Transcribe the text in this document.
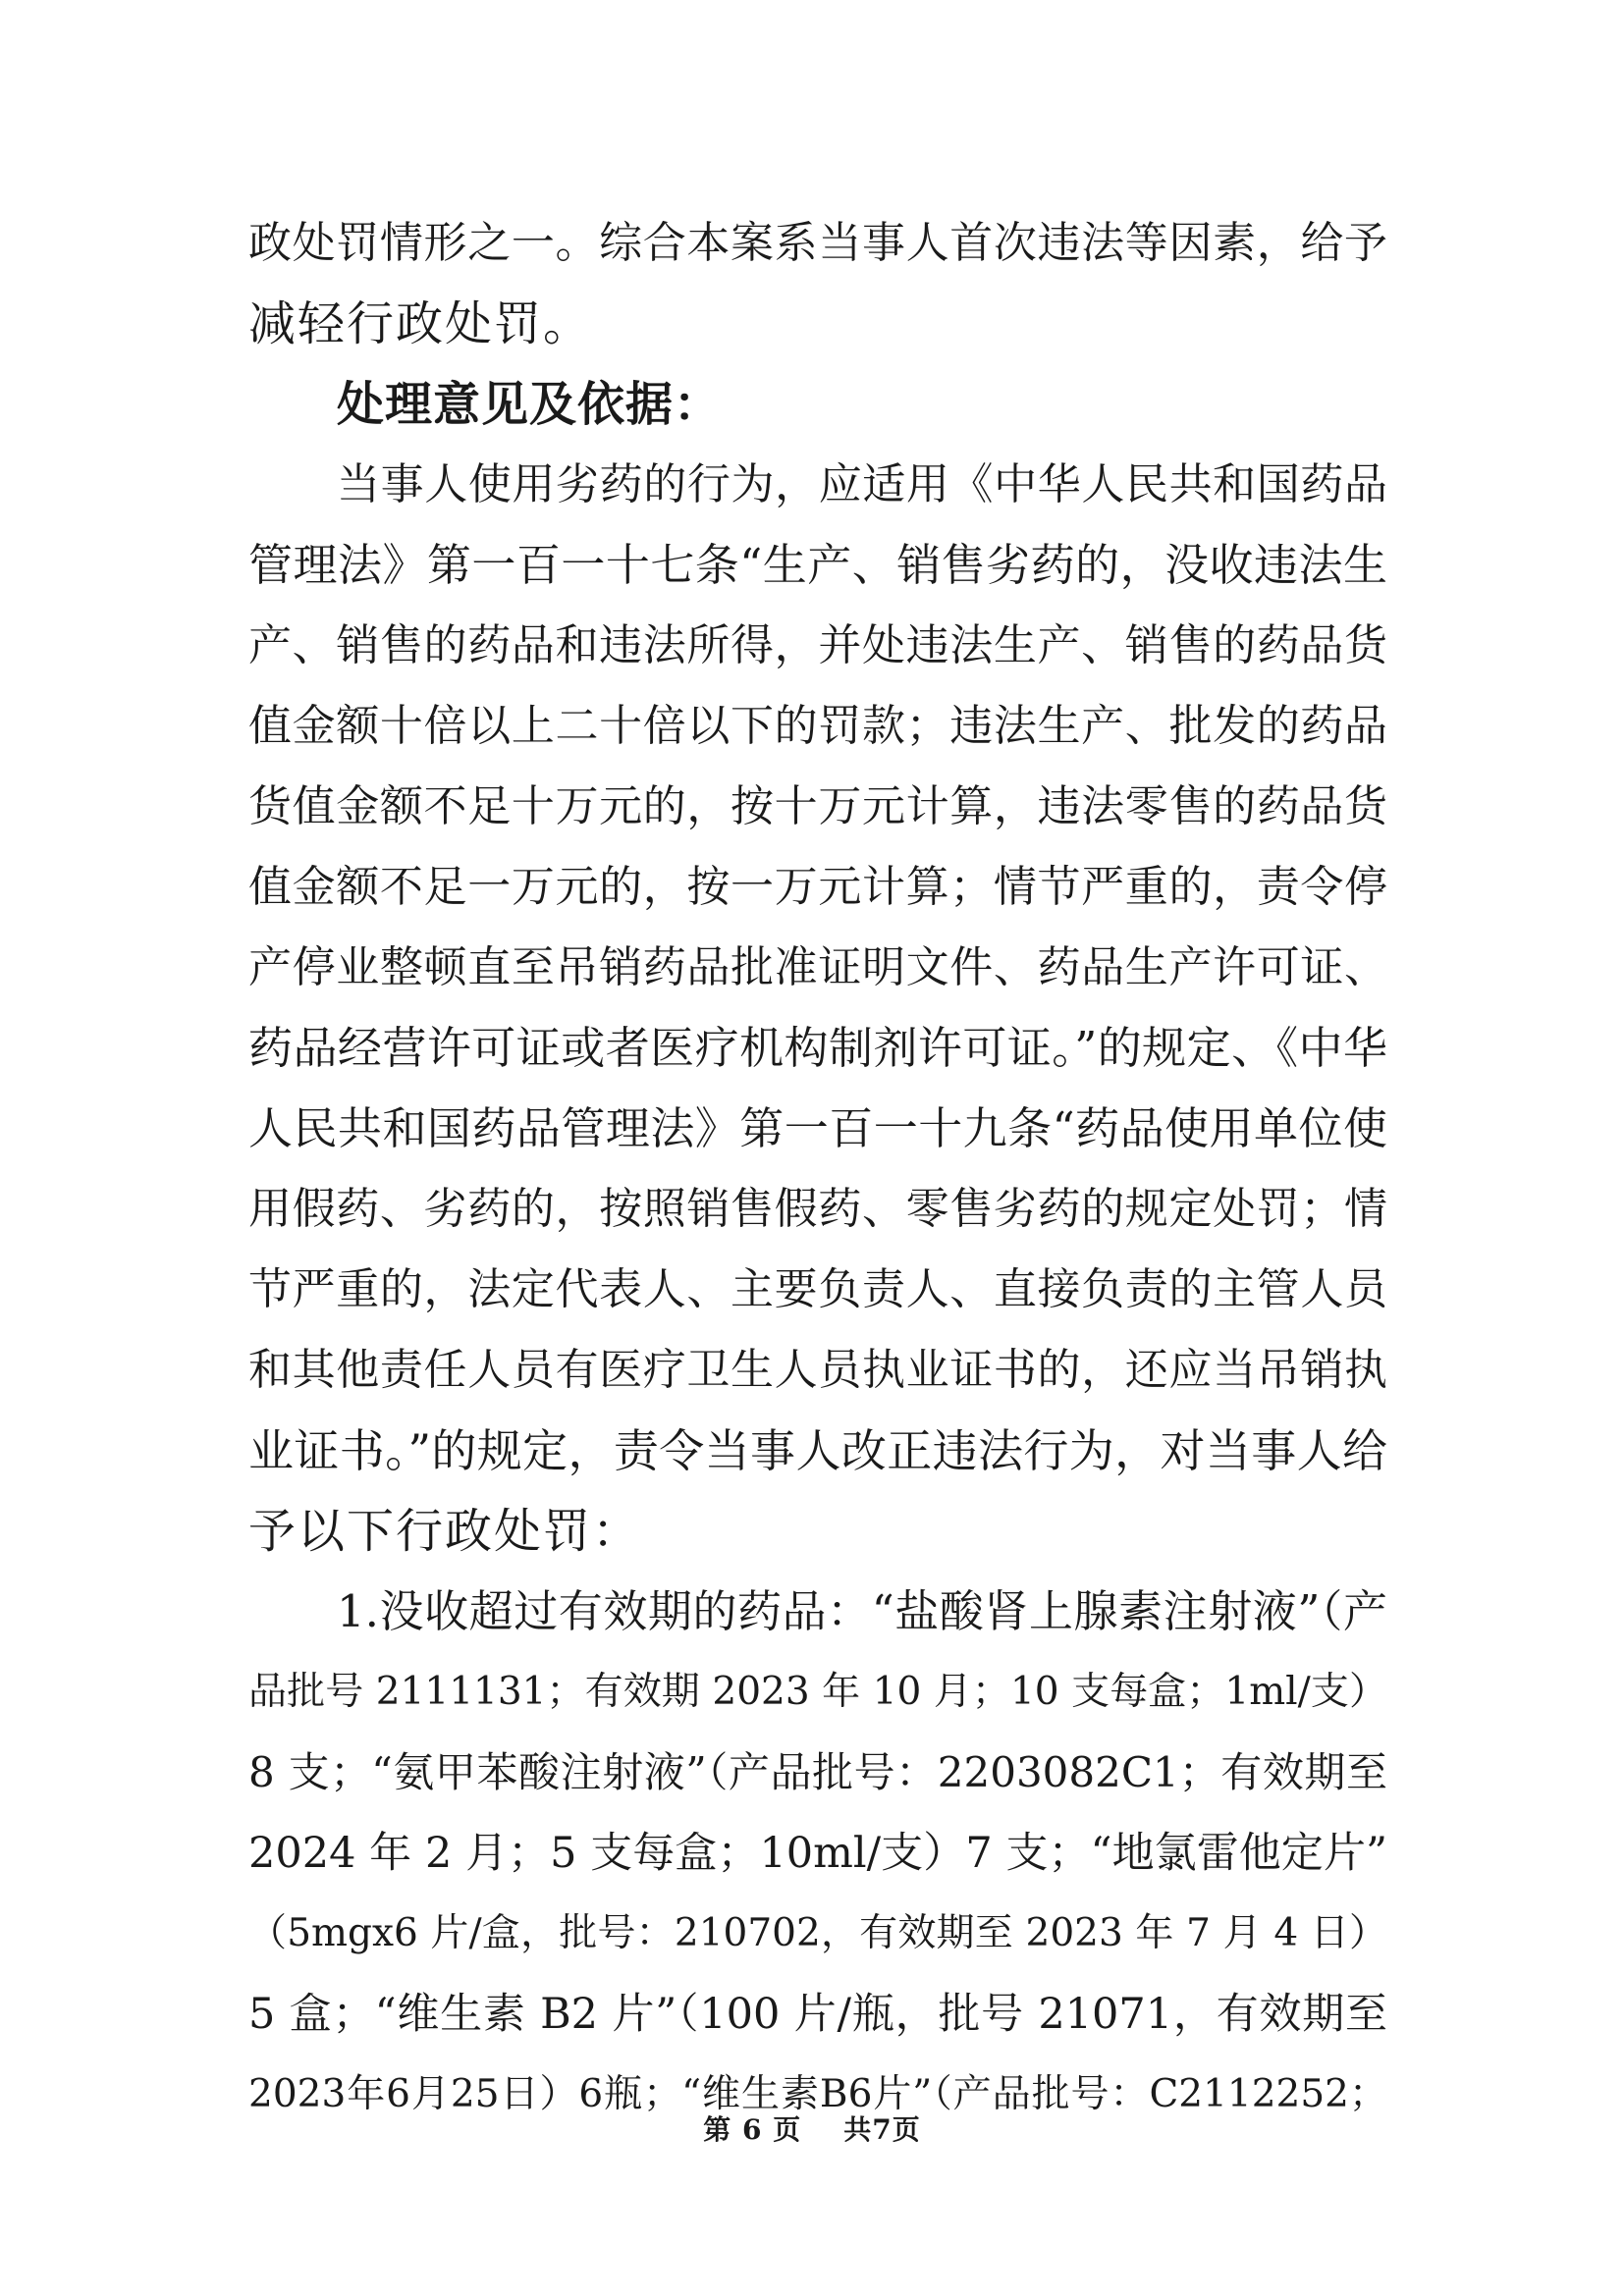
政处罚情形之一。综合本案系当事人首次违法等因素，给予
减轻行政处罚。
处理意见及依据：
当事人使用劣药的行为，应适用《中华人民共和国药品
管理法》第一百一十七条“生产、销售劣药的，没收违法生
产、销售的药品和违法所得，并处违法生产、销售的药品货
值金额十倍以上二十倍以下的罚款；违法生产、批发的药品
货值金额不足十万元的，按十万元计算，违法零售的药品货
值金额不足一万元的，按一万元计算；情节严重的，责令停
产停业整顿直至吊销药品批准证明文件、药品生产许可证、
药品经营许可证或者医疗机构制剂许可证。”的规定、《中华
人民共和国药品管理法》第一百一十九条“药品使用单位使
用假药、劣药的，按照销售假药、零售劣药的规定处罚；情
节严重的，法定代表人、主要负责人、直接负责的主管人员
和其他责任人员有医疗卫生人员执业证书的，还应当吊销执
业证书。”的规定，责令当事人改正违法行为，对当事人给
予以下行政处罚：
1.没收超过有效期的药品：“盐酸肾上腺素注射液”（产
品批号 2111131；有效期 2023 年 10 月；10 支每盒；1ml/支）
8 支；“氨甲苯酸注射液”（产品批号：2203082C1；有效期至
2024 年 2 月；5 支每盒；10ml/支）7 支；“地氯雷他定片”
（5mgx6 片/盒，批号：210702，有效期至 2023 年 7 月 4 日）
5 盒；“维生素 B2 片”（100 片/瓶，批号 21071，有效期至
2023年6月25日）6瓶；“维生素B6片”（产品批号：C2112252；
第 6 页 共7页
